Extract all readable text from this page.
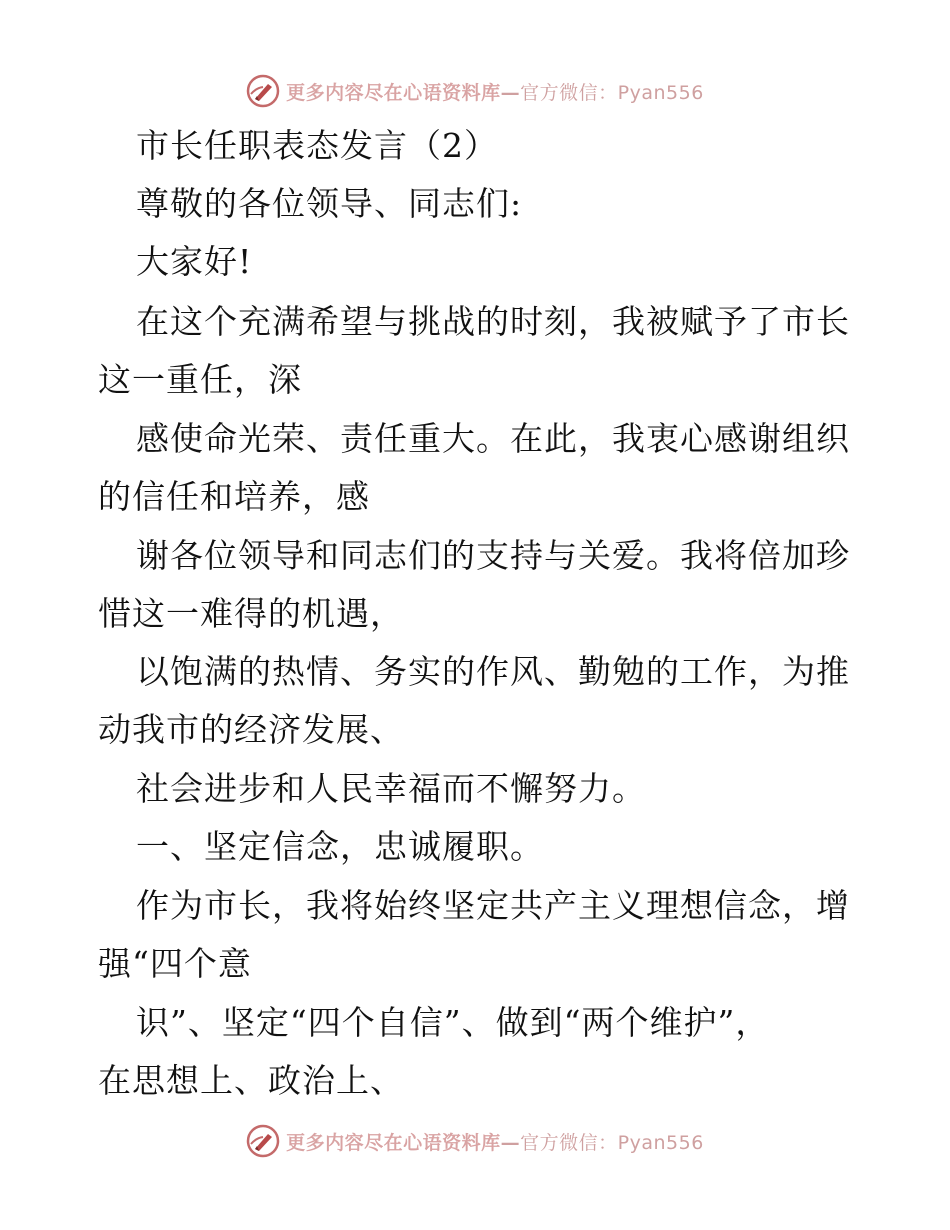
更多内容尽在心语资料库—官方微信：Pyan556
市长任职表态发言（2）
尊敬的各位领导、同志们:
大家好!
在这个充满希望与挑战的时刻，我被赋予了市长
这一重任，深
感使命光荣、责任重大。在此，我衷心感谢组织
的信任和培养，感
谢各位领导和同志们的支持与关爱。我将倍加珍
惜这一难得的机遇，
以饱满的热情、务实的作风、勤勉的工作，为推
动我市的经济发展、
社会进步和人民幸福而不懈努力。
一、坚定信念，忠诚履职。
作为市长，我将始终坚定共产主义理想信念，增
强“四个意
识”、坚定“四个自信”、做到“两个维护”，
在思想上、政治上、
更多内容尽在心语资料库—官方微信：Pyan556
